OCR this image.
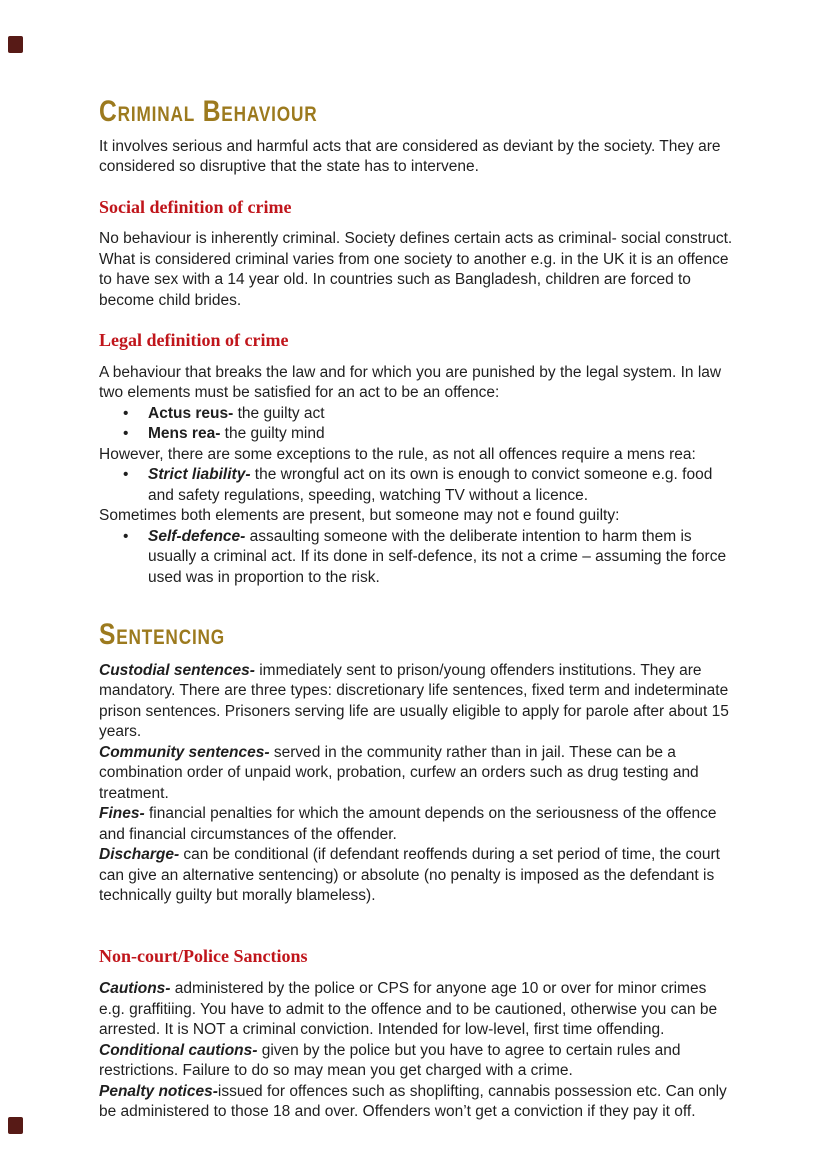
Criminal Behaviour

It involves serious and harmful acts that are considered as deviant by the society. They are considered so disruptive that the state has to intervene.

Social definition of crime

No behaviour is inherently criminal. Society defines certain acts as criminal- social construct. What is considered criminal varies from one society to another e.g. in the UK it is an offence to have sex with a 14 year old. In countries such as Bangladesh, children are forced to become child brides.

Legal definition of crime

A behaviour that breaks the law and for which you are punished by the legal system. In law two elements must be satisfied for an act to be an offence:

• Actus reus- the guilty act
• Mens rea- the guilty mind

However, there are some exceptions to the rule, as not all offences require a mens rea:

• Strict liability- the wrongful act on its own is enough to convict someone e.g. food and safety regulations, speeding, watching TV without a licence.

Sometimes both elements are present, but someone may not e found guilty:

• Self-defence- assaulting someone with the deliberate intention to harm them is usually a criminal act. If its done in self-defence, its not a crime – assuming the force used was in proportion to the risk.
Sentencing

Custodial sentences- immediately sent to prison/young offenders institutions. They are mandatory. There are three types: discretionary life sentences, fixed term and indeterminate prison sentences. Prisoners serving life are usually eligible to apply for parole after about 15 years.

Community sentences- served in the community rather than in jail. These can be a combination order of unpaid work, probation, curfew an orders such as drug testing and treatment.

Fines- financial penalties for which the amount depends on the seriousness of the offence and financial circumstances of the offender.

Discharge- can be conditional (if defendant reoffends during a set period of time, the court can give an alternative sentencing) or absolute (no penalty is imposed as the defendant is technically guilty but morally blameless).

Non-court/Police Sanctions

Cautions- administered by the police or CPS for anyone age 10 or over for minor crimes e.g. graffitiing. You have to admit to the offence and to be cautioned, otherwise you can be arrested. It is NOT a criminal conviction. Intended for low-level, first time offending.

Conditional cautions- given by the police but you have to agree to certain rules and restrictions. Failure to do so may mean you get charged with a crime.

Penalty notices-issued for offences such as shoplifting, cannabis possession etc. Can only be administered to those 18 and over. Offenders won’t get a conviction if they pay it off.
